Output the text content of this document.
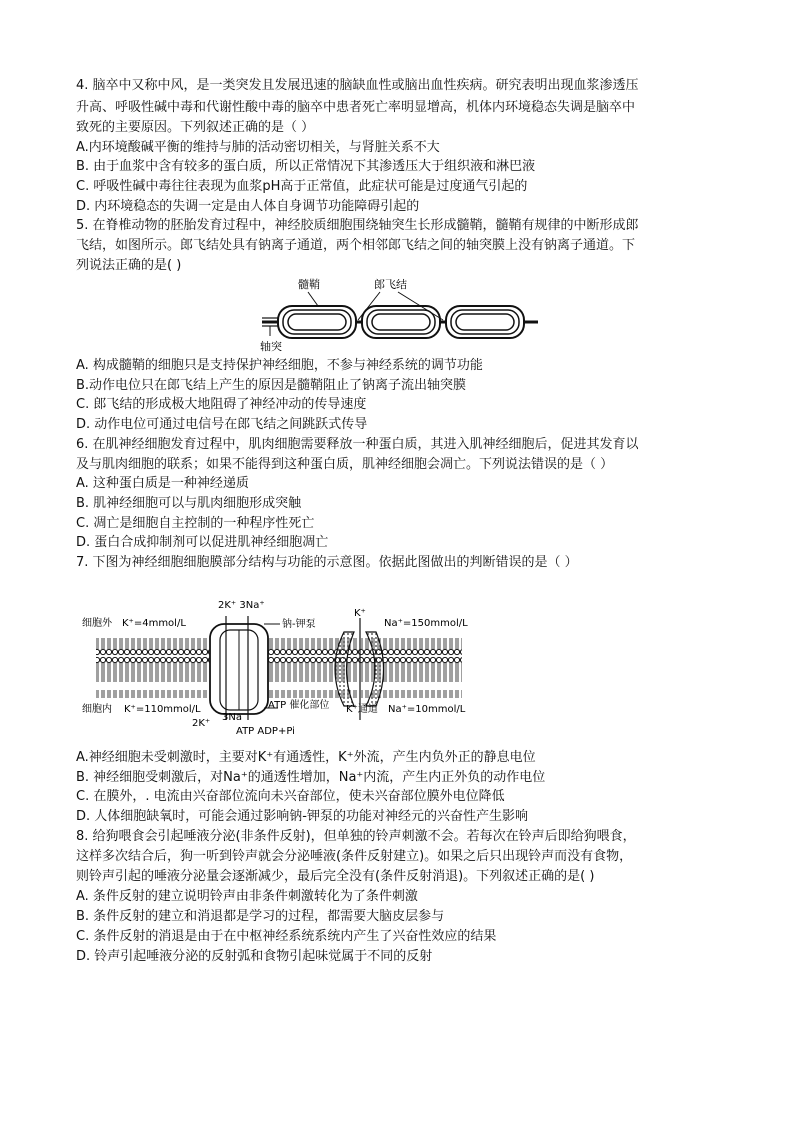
4. 脑卒中又称中风，是一类突发且发展迅速的脑缺血性或脑出血性疾病。研究表明出现血浆渗透压
升高、呼吸性碱中毒和代谢性酸中毒的脑卒中患者死亡率明显增高，机体内环境稳态失调是脑卒中
致死的主要原因。下列叙述正确的是（ ）
A.内环境酸碱平衡的维持与肺的活动密切相关，与肾脏关系不大
B. 由于血浆中含有较多的蛋白质，所以正常情况下其渗透压大于组织液和淋巴液
C. 呼吸性碱中毒往往表现为血浆pH高于正常值，此症状可能是过度通气引起的
D. 内环境稳态的失调一定是由人体自身调节功能障碍引起的
5. 在脊椎动物的胚胎发育过程中，神经胶质细胞围绕轴突生长形成髓鞘，髓鞘有规律的中断形成郎
飞结，如图所示。郎飞结处具有钠离子通道，两个相邻郎飞结之间的轴突膜上没有钠离子通道。下
列说法正确的是( )
髓鞘	郎飞结
轴突
A. 构成髓鞘的细胞只是支持保护神经细胞，不参与神经系统的调节功能
B.动作电位只在郎飞结上产生的原因是髓鞘阻止了钠离子流出轴突膜
C. 郎飞结的形成极大地阻碍了神经冲动的传导速度
D. 动作电位可通过电信号在郎飞结之间跳跃式传导
6. 在肌神经细胞发育过程中，肌肉细胞需要释放一种蛋白质，其进入肌神经细胞后，促进其发育以
及与肌肉细胞的联系；如果不能得到这种蛋白质，肌神经细胞会凋亡。下列说法错误的是（ ）
A. 这种蛋白质是一种神经递质
B. 肌神经细胞可以与肌肉细胞形成突触
C. 凋亡是细胞自主控制的一种程序性死亡
D. 蛋白合成抑制剂可以促进肌神经细胞凋亡
7. 下图为神经细胞细胞膜部分结构与功能的示意图。依据此图做出的判断错误的是（ ）
细胞外
细胞内
K⁺=4mmol/L	Na⁺=150mmol/L
K⁺=110mmol/L	Na⁺=10mmol/L
2K⁺ 3Na⁺
钠-钾泵
K⁺
2K⁺
3Na
ATP 催化部位 K⁺通道
ATP ADP+Pi
A.神经细胞未受刺激时，主要对K⁺有通透性，K⁺外流，产生内负外正的静息电位
B. 神经细胞受刺激后，对Na⁺的通透性增加，Na⁺内流，产生内正外负的动作电位
C. 在膜外，. 电流由兴奋部位流向未兴奋部位，使未兴奋部位膜外电位降低
D. 人体细胞缺氧时，可能会通过影响钠-钾泵的功能对神经元的兴奋性产生影响
8. 给狗喂食会引起唾液分泌(非条件反射)，但单独的铃声刺激不会。若每次在铃声后即给狗喂食，
这样多次结合后，狗一听到铃声就会分泌唾液(条件反射建立)。如果之后只出现铃声而没有食物，
则铃声引起的唾液分泌量会逐渐减少，最后完全没有(条件反射消退)。下列叙述正确的是( )
A. 条件反射的建立说明铃声由非条件刺激转化为了条件刺激
B. 条件反射的建立和消退都是学习的过程，都需要大脑皮层参与
C. 条件反射的消退是由于在中枢神经系统系统内产生了兴奋性效应的结果
D. 铃声引起唾液分泌的反射弧和食物引起味觉属于不同的反射
